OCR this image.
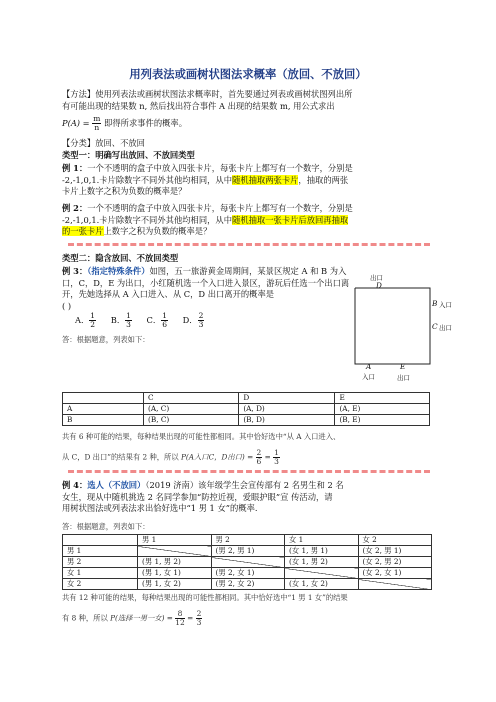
用列表法或画树状图法求概率（放回、不放回）
【方法】使用列表法或画树状图法求概率时，首先要通过列表或画树状图列出所
有可能出现的结果数 n, 然后找出符合事件 A 出现的结果数 m, 用公式求出
$P(A) = \frac{m}{n}$ 即得所求事件的概率。
【分类】放回、不放回
类型一：明确写出放回、不放回类型
例 1：一个不透明的盒子中放入四张卡片，每张卡片上都写有一个数字，分别是
-2,-1,0,1.卡片除数字不同外其他均相同，从中随机抽取两张卡片，抽取的两张
卡片上数字之积为负数的概率是？
例 2：一个不透明的盒子中放入四张卡片，每张卡片上都写有一个数字，分别是
-2,-1,0,1.卡片除数字不同外其他均相同，从中随机抽取一张卡片后放回再抽取
的一张卡片上数字之积为负数的概率是？
类型二：隐含放回、不放回类型
例 3：（指定特殊条件）如图，五一旅游黄金周期间，某景区规定 A 和 B 为入
口，C，D，E 为出口，小红随机选一个入口进入景区，游玩后任选一个出口离
开，先她选择从 A 入口进入、从 C，D 出口离开的概率是
( )
A． $\frac{1}{2}$ B． $\frac{1}{3}$ C． $\frac{1}{6}$ D． $\frac{2}{3}$
答：根据题意，列表如下：
出口
D
B 入口
C 出口
A
入口
E
出口
	C	D	E
A	(A, C)	(A, D)	(A, E)
B	(B, C)	(B, D)	(B, E)
共有 6 种可能的结果，每种结果出现的可能性都相同。其中恰好选中“从 A 入口进入、
从 C，D 出口”的结果有 2 种，所以 P(A入口C，D出口) = $\frac{2}{6} = \frac{1}{3}$
例 4：选人（不放回）（2019 济南）该年级学生会宣传部有 2 名男生和 2 名
女生，现从中随机挑选 2 名同学参加“防控近视，爱眼护眼”宣 传活动，请
用树状图法或列表法求出恰好选中“1 男 1 女”的概率.
答：根据题意，列表如下：
	男 1	男 2	女 1	女 2
男 1		(男 2, 男 1)	(女 1, 男 1)	(女 2, 男 1)
男 2	(男 1, 男 2)		(女 1, 男 2)	(女 2, 男 2)
女 1	(男 1, 女 1)	(男 2, 女 1)		(女 2, 女 1)
女 2	(男 1, 女 2)	(男 2, 女 2)	(女 1, 女 2)	
共有 12 种可能的结果，每种结果出现的可能性都相同。其中恰好选中“1 男 1 女”的结果
有 8 种，所以 P(选择一男一女) = $\frac{8}{12} = \frac{2}{3}$
